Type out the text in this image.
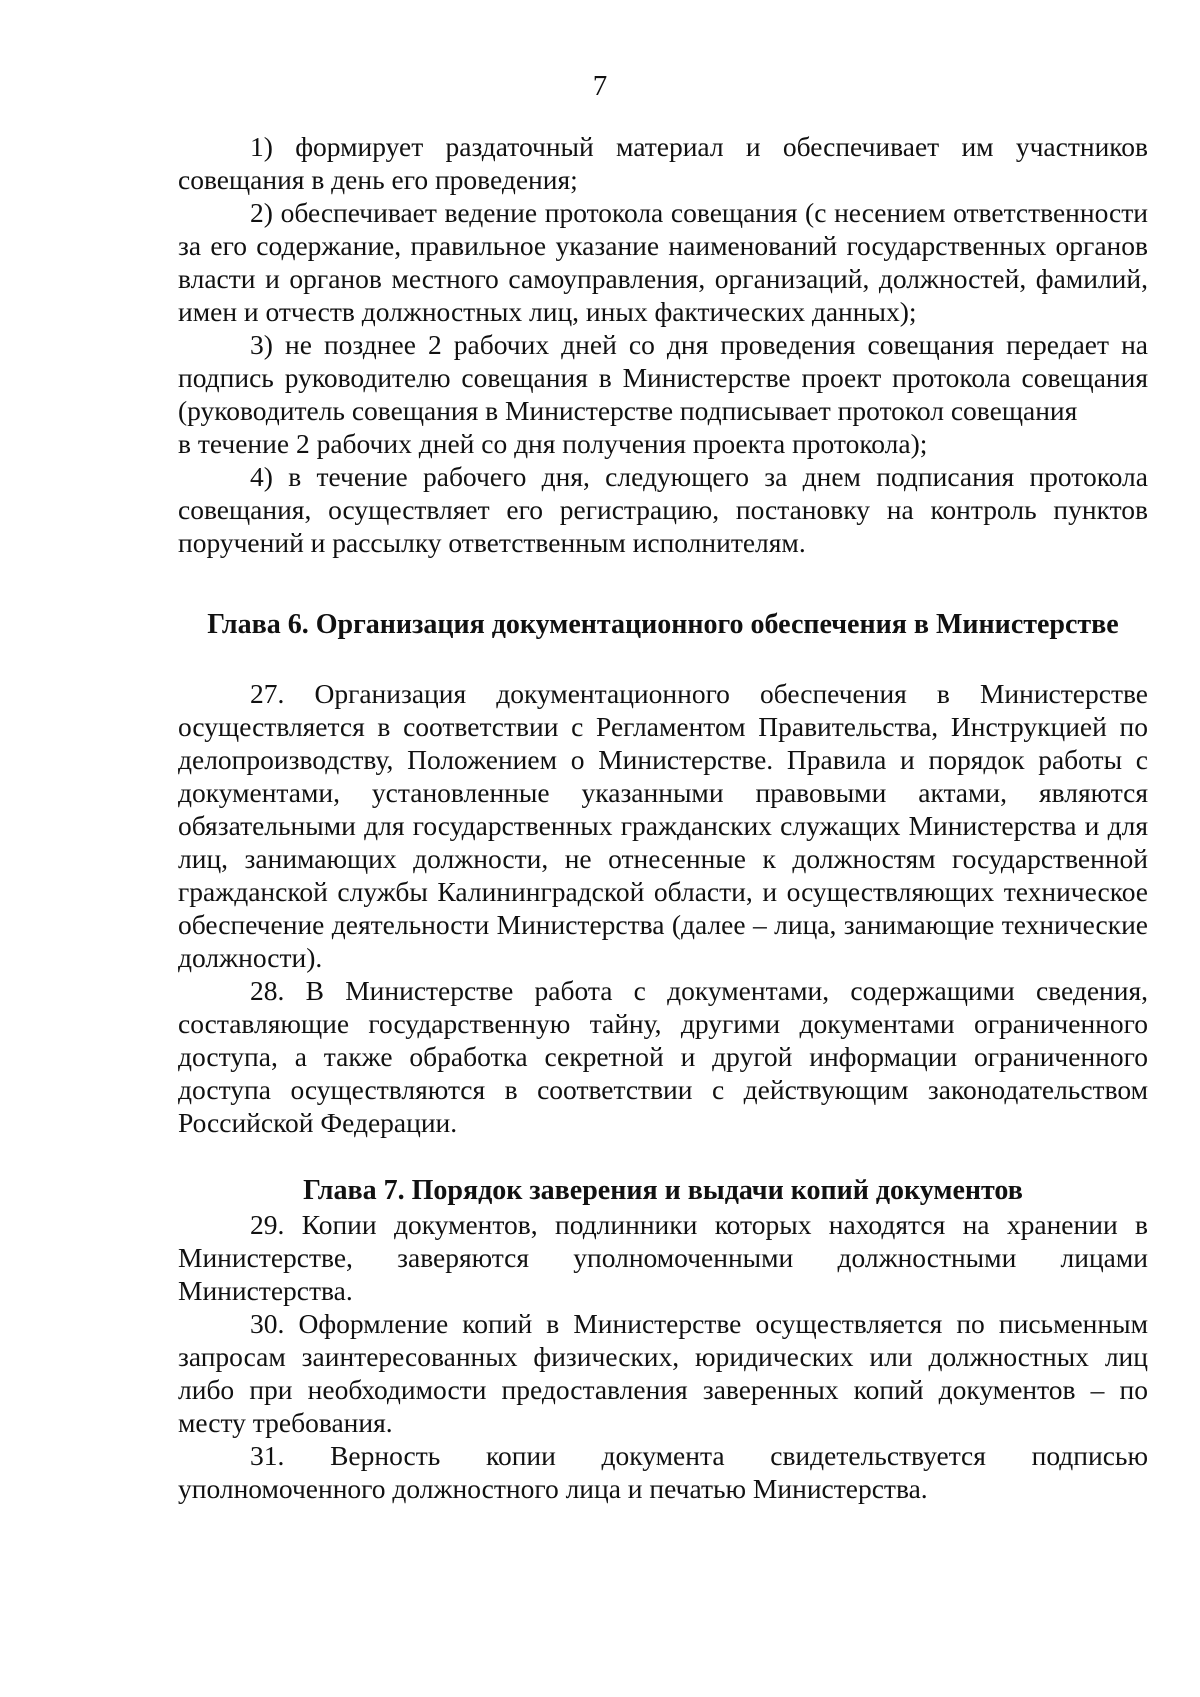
7

1) формирует раздаточный материал и обеспечивает им участников совещания в день его проведения;

2) обеспечивает ведение протокола совещания (с несением ответственности за его содержание, правильное указание наименований государственных органов власти и органов местного самоуправления, организаций, должностей, фамилий, имен и отчеств должностных лиц, иных фактических данных);

3) не позднее 2 рабочих дней со дня проведения совещания передает на подпись руководителю совещания в Министерстве проект протокола совещания (руководитель совещания в Министерстве подписывает протокол совещания

в течение 2 рабочих дней со дня получения проекта протокола);

4) в течение рабочего дня, следующего за днем подписания протокола совещания, осуществляет его регистрацию, постановку на контроль пунктов поручений и рассылку ответственным исполнителям.

Глава 6. Организация документационного обеспечения в Министерстве

27. Организация документационного обеспечения в Министерстве осуществляется в соответствии с Регламентом Правительства, Инструкцией по делопроизводству, Положением о Министерстве. Правила и порядок работы с документами, установленные указанными правовыми актами, являются обязательными для государственных гражданских служащих Министерства и для лиц, занимающих должности, не отнесенные к должностям государственной гражданской службы Калининградской области, и осуществляющих техническое обеспечение деятельности Министерства (далее – лица, занимающие технические должности).

28. В Министерстве работа с документами, содержащими сведения, составляющие государственную тайну, другими документами ограниченного доступа, а также обработка секретной и другой информации ограниченного доступа осуществляются в соответствии с действующим законодательством Российской Федерации.

Глава 7. Порядок заверения и выдачи копий документов

29. Копии документов, подлинники которых находятся на хранении в Министерстве, заверяются уполномоченными должностными лицами Министерства.

30. Оформление копий в Министерстве осуществляется по письменным запросам заинтересованных физических, юридических или должностных лиц либо при необходимости предоставления заверенных копий документов – по месту требования.

31. Верность копии документа свидетельствуется подписью уполномоченного должностного лица и печатью Министерства.
